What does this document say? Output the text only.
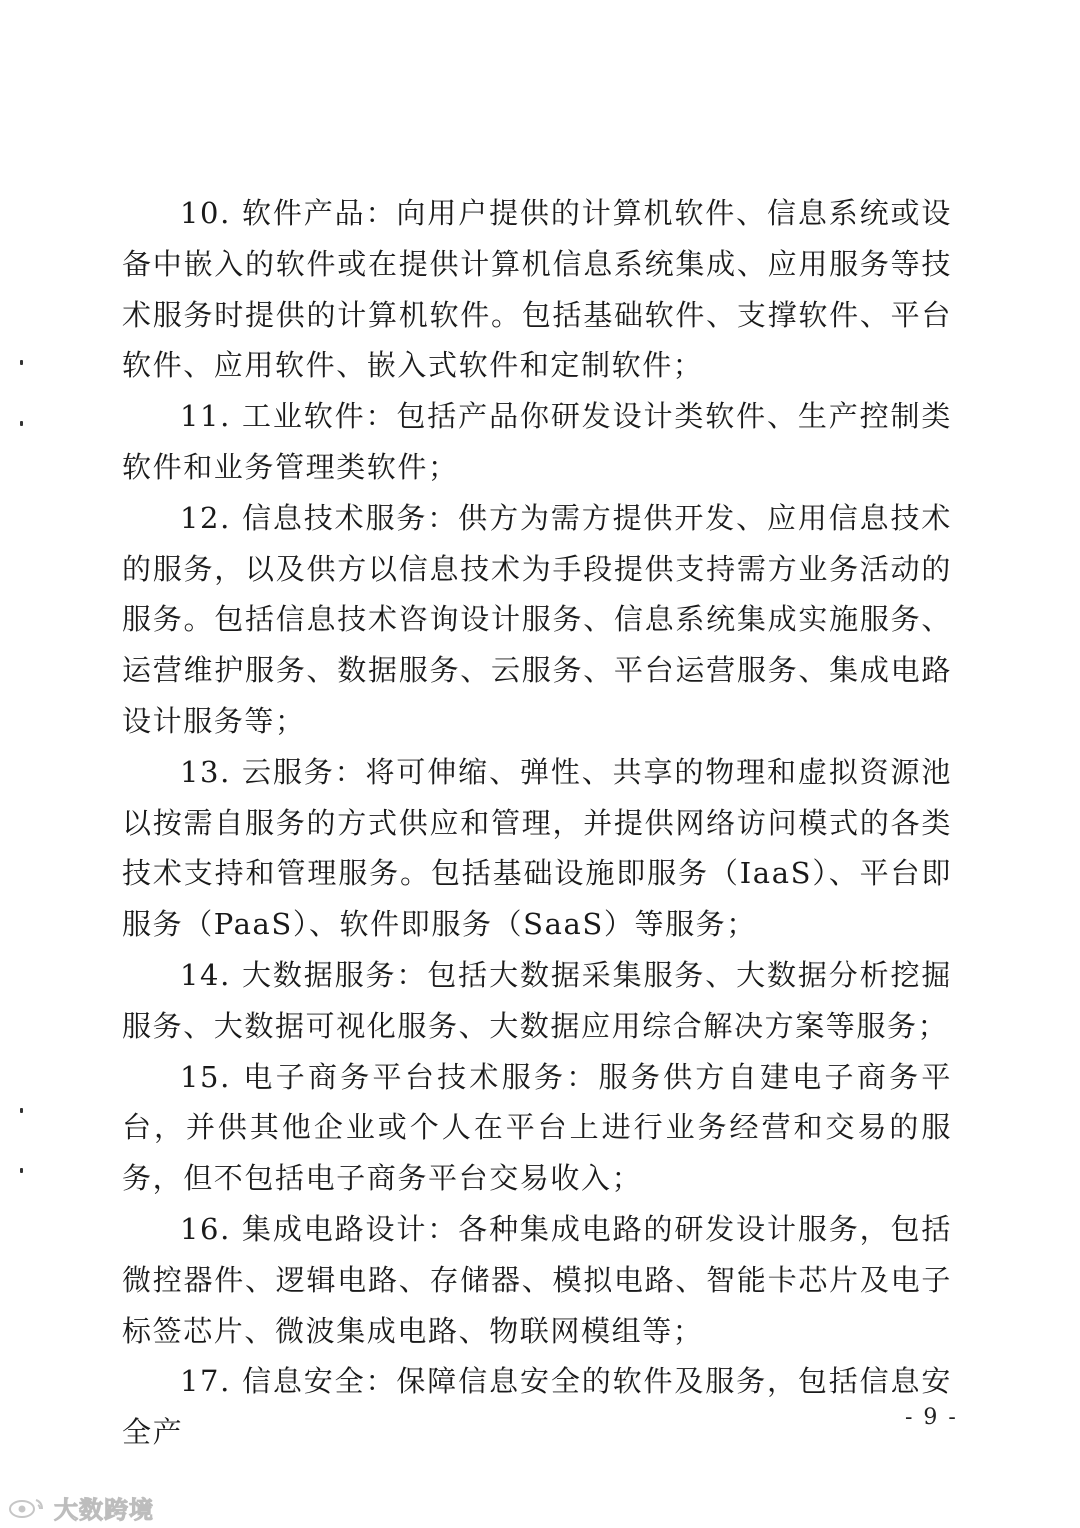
10. 软件产品：向用户提供的计算机软件、信息系统或设备中嵌入的软件或在提供计算机信息系统集成、应用服务等技术服务时提供的计算机软件。包括基础软件、支撑软件、平台软件、应用软件、嵌入式软件和定制软件；

11. 工业软件：包括产品你研发设计类软件、生产控制类软件和业务管理类软件；

12. 信息技术服务：供方为需方提供开发、应用信息技术的服务，以及供方以信息技术为手段提供支持需方业务活动的服务。包括信息技术咨询设计服务、信息系统集成实施服务、运营维护服务、数据服务、云服务、平台运营服务、集成电路设计服务等；

13. 云服务：将可伸缩、弹性、共享的物理和虚拟资源池以按需自服务的方式供应和管理，并提供网络访问模式的各类技术支持和管理服务。包括基础设施即服务（IaaS）、平台即服务（PaaS）、软件即服务（SaaS）等服务；

14. 大数据服务：包括大数据采集服务、大数据分析挖掘服务、大数据可视化服务、大数据应用综合解决方案等服务；

15. 电子商务平台技术服务：服务供方自建电子商务平台，并供其他企业或个人在平台上进行业务经营和交易的服务，但不包括电子商务平台交易收入；

16. 集成电路设计：各种集成电路的研发设计服务，包括微控器件、逻辑电路、存储器、模拟电路、智能卡芯片及电子标签芯片、微波集成电路、物联网模组等；

17. 信息安全：保障信息安全的软件及服务，包括信息安全产	- 9 -
大数跨境
